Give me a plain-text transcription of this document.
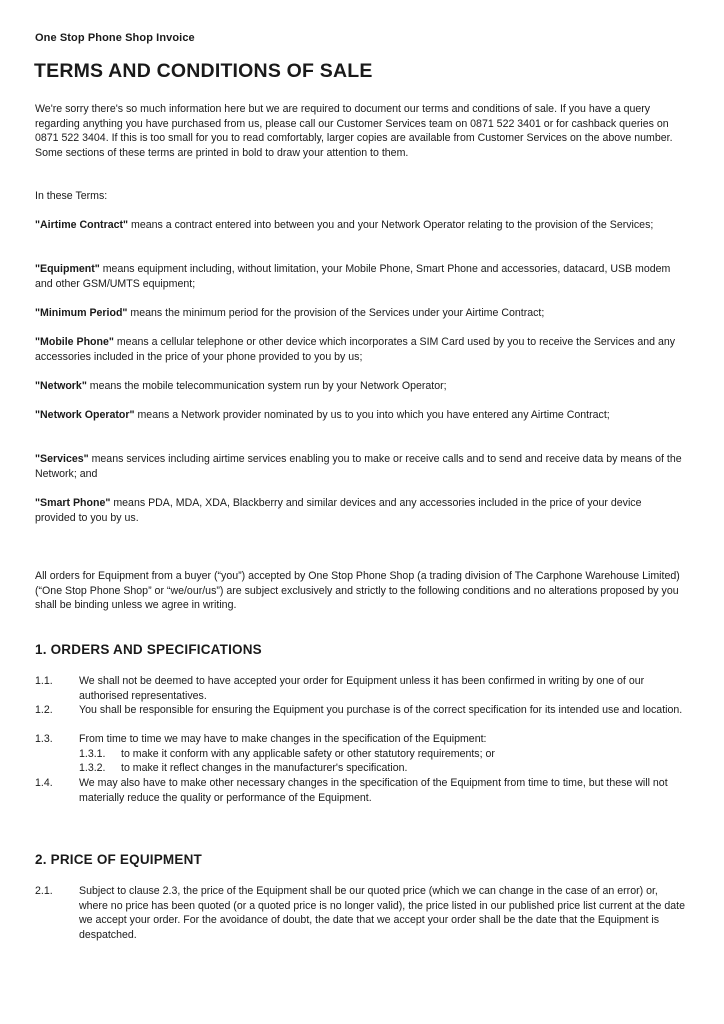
One Stop Phone Shop Invoice
TERMS AND CONDITIONS OF SALE

We're sorry there's so much information here but we are required to document our terms and conditions of sale. If you have a query regarding anything you have purchased from us, please call our Customer Services team on 0871 522 3401 or for cashback queries on 0871 522 3404. If this is too small for you to read comfortably, larger copies are available from Customer Services on the above number. Some sections of these terms are printed in bold to draw your attention to them.

In these Terms:

"Airtime Contract" means a contract entered into between you and your Network Operator relating to the provision of the Services;

"Equipment" means equipment including, without limitation, your Mobile Phone, Smart Phone and accessories, datacard, USB modem and other GSM/UMTS equipment;

"Minimum Period" means the minimum period for the provision of the Services under your Airtime Contract;

"Mobile Phone" means a cellular telephone or other device which incorporates a SIM Card used by you to receive the Services and any accessories included in the price of your phone provided to you by us;

"Network" means the mobile telecommunication system run by your Network Operator;

"Network Operator" means a Network provider nominated by us to you into which you have entered any Airtime Contract;

"Services" means services including airtime services enabling you to make or receive calls and to send and receive data by means of the Network; and

"Smart Phone" means PDA, MDA, XDA, Blackberry and similar devices and any accessories included in the price of your device provided to you by us.

All orders for Equipment from a buyer (“you”) accepted by One Stop Phone Shop (a trading division of The Carphone Warehouse Limited) (“One Stop Phone Shop” or “we/our/us”) are subject exclusively and strictly to the following conditions and no alterations proposed by you shall be binding unless we agree in writing.

1. ORDERS AND SPECIFICATIONS
1.1. We shall not be deemed to have accepted your order for Equipment unless it has been confirmed in writing by one of our authorised representatives.
1.2. You shall be responsible for ensuring the Equipment you purchase is of the correct specification for its intended use and location.
1.3. From time to time we may have to make changes in the specification of the Equipment:
1.3.1. to make it conform with any applicable safety or other statutory requirements; or
1.3.2. to make it reflect changes in the manufacturer's specification.
1.4. We may also have to make other necessary changes in the specification of the Equipment from time to time, but these will not materially reduce the quality or performance of the Equipment.
2. PRICE OF EQUIPMENT
2.1. Subject to clause 2.3, the price of the Equipment shall be our quoted price (which we can change in the case of an error) or, where no price has been quoted (or a quoted price is no longer valid), the price listed in our published price list current at the date we accept your order. For the avoidance of doubt, the date that we accept your order shall be the date that the Equipment is despatched.
